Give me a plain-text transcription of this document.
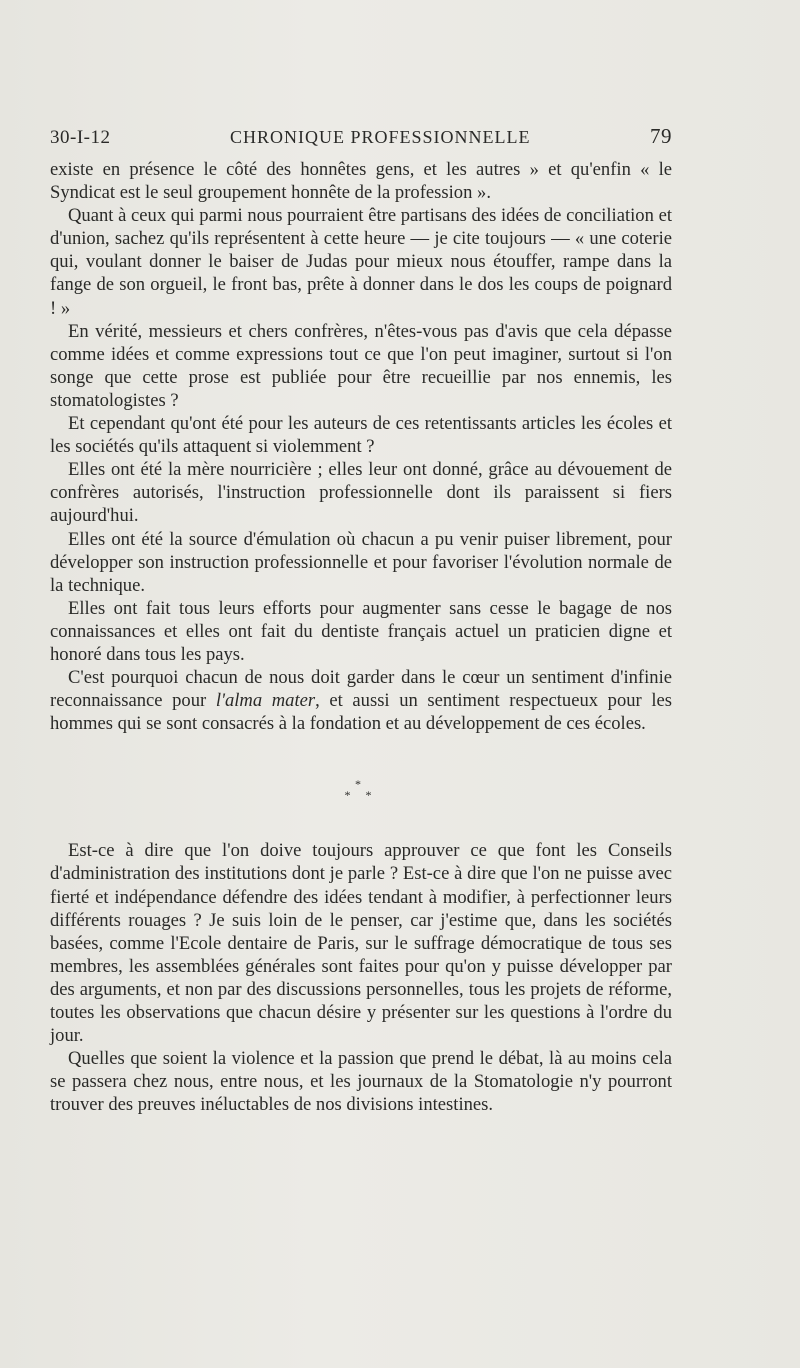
30-I-12	CHRONIQUE PROFESSIONNELLE	79

existe en présence le côté des honnêtes gens, et les autres » et qu'enfin « le Syndicat est le seul groupement honnête de la profession ».

Quant à ceux qui parmi nous pourraient être partisans des idées de conciliation et d'union, sachez qu'ils représentent à cette heure — je cite toujours — « une coterie qui, voulant donner le baiser de Judas pour mieux nous étouffer, rampe dans la fange de son orgueil, le front bas, prête à donner dans le dos les coups de poignard ! »

En vérité, messieurs et chers confrères, n'êtes-vous pas d'avis que cela dépasse comme idées et comme expressions tout ce que l'on peut imaginer, surtout si l'on songe que cette prose est publiée pour être recueillie par nos ennemis, les stomatologistes ?

Et cependant qu'ont été pour les auteurs de ces retentissants articles les écoles et les sociétés qu'ils attaquent si violemment ?

Elles ont été la mère nourricière ; elles leur ont donné, grâce au dévouement de confrères autorisés, l'instruction professionnelle dont ils paraissent si fiers aujourd'hui.

Elles ont été la source d'émulation où chacun a pu venir puiser librement, pour développer son instruction professionnelle et pour favoriser l'évolution normale de la technique.

Elles ont fait tous leurs efforts pour augmenter sans cesse le bagage de nos connaissances et elles ont fait du dentiste français actuel un praticien digne et honoré dans tous les pays.

C'est pourquoi chacun de nous doit garder dans le cœur un sentiment d'infinie reconnaissance pour l'alma mater, et aussi un sentiment respectueux pour les hommes qui se sont consacrés à la fondation et au développement de ces écoles.

*
* *

Est-ce à dire que l'on doive toujours approuver ce que font les Conseils d'administration des institutions dont je parle ? Est-ce à dire que l'on ne puisse avec fierté et indépendance défendre des idées tendant à modifier, à perfectionner leurs différents rouages ? Je suis loin de le penser, car j'estime que, dans les sociétés basées, comme l'Ecole dentaire de Paris, sur le suffrage démocratique de tous ses membres, les assemblées générales sont faites pour qu'on y puisse développer par des arguments, et non par des discussions personnelles, tous les projets de réforme, toutes les observations que chacun désire y présenter sur les questions à l'ordre du jour.

Quelles que soient la violence et la passion que prend le débat, là au moins cela se passera chez nous, entre nous, et les journaux de la Stomatologie n'y pourront trouver des preuves inéluctables de nos divisions intestines.
